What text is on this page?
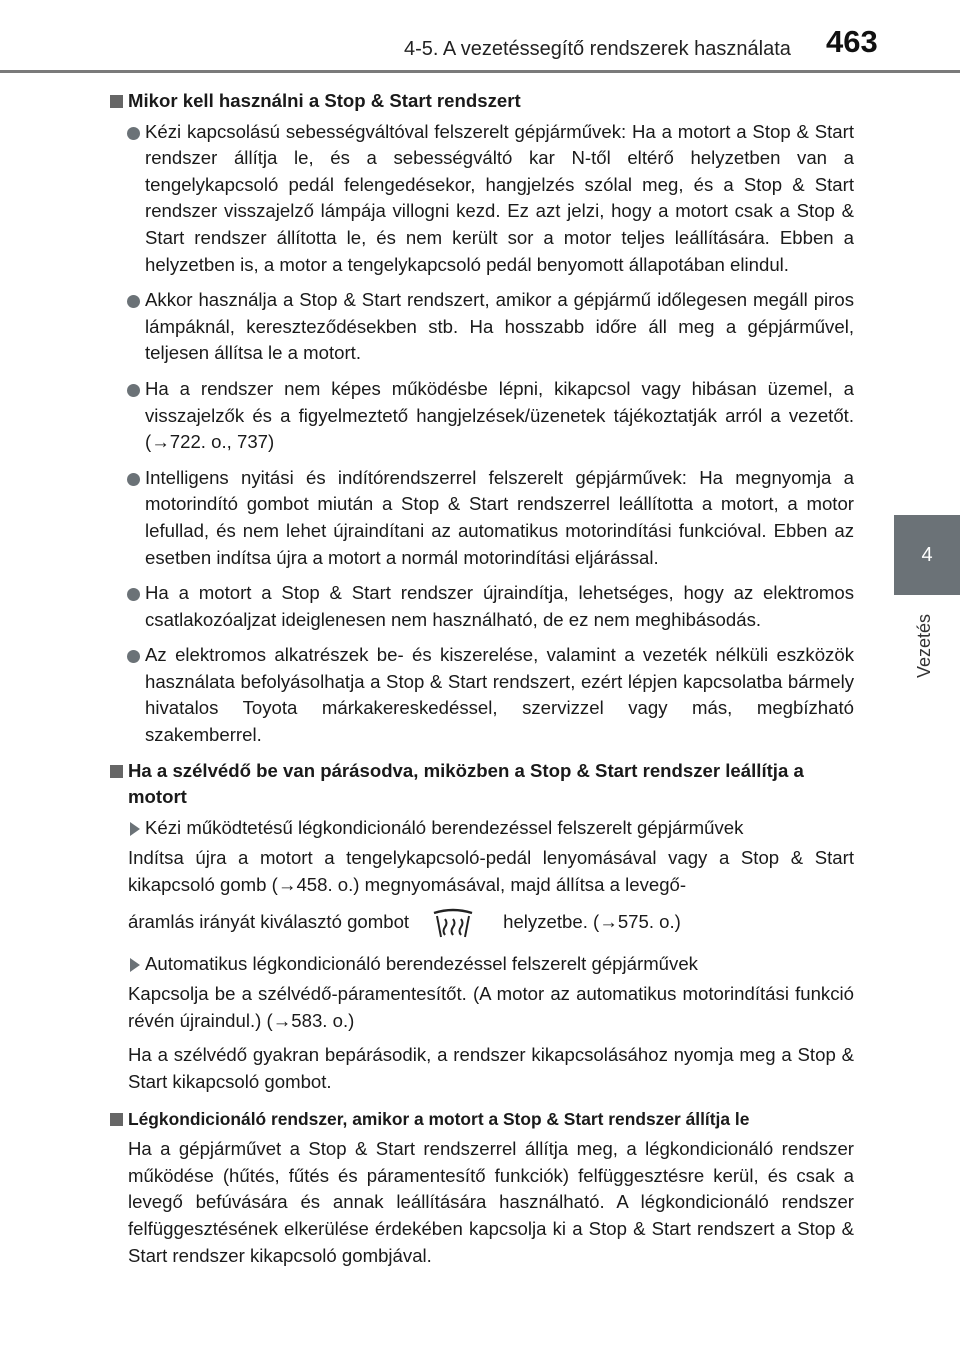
4-5. A vezetéssegítő rendszerek használata 463
4
Vezetés
Mikor kell használni a Stop & Start rendszert
Kézi kapcsolású sebességváltóval felszerelt gépjárművek: Ha a motort a Stop & Start rendszer állítja le, és a sebességváltó kar N-től eltérő helyzetben van a tengelykapcsoló pedál felengedésekor, hangjelzés szólal meg, és a Stop & Start rendszer visszajelző lámpája villogni kezd. Ez azt jelzi, hogy a motort csak a Stop & Start rendszer állította le, és nem került sor a motor teljes leállítására. Ebben a helyzetben is, a motor a tengelykapcsoló pedál benyomott állapotában elindul.
Akkor használja a Stop & Start rendszert, amikor a gépjármű időlegesen megáll piros lámpáknál, kereszteződésekben stb. Ha hosszabb időre áll meg a gépjárművel, teljesen állítsa le a motort.
Ha a rendszer nem képes működésbe lépni, kikapcsol vagy hibásan üzemel, a visszajelzők és a figyelmeztető hangjelzések/üzenetek tájékoztatják arról a vezetőt. (→722. o., 737)
Intelligens nyitási és indítórendszerrel felszerelt gépjárművek: Ha megnyomja a motorindító gombot miután a Stop & Start rendszerrel leállította a motort, a motor lefullad, és nem lehet újraindítani az automatikus motorindítási funkcióval. Ebben az esetben indítsa újra a motort a normál motorindítási eljárással.
Ha a motort a Stop & Start rendszer újraindítja, lehetséges, hogy az elektromos csatlakozóaljzat ideiglenesen nem használható, de ez nem meghibásodás.
Az elektromos alkatrészek be- és kiszerelése, valamint a vezeték nélküli eszközök használata befolyásolhatja a Stop & Start rendszert, ezért lépjen kapcsolatba bármely hivatalos Toyota márkakereskedéssel, szervizzel vagy más, megbízható szakemberrel.
Ha a szélvédő be van párásodva, miközben a Stop & Start rendszer leállítja a motort
Kézi működtetésű légkondicionáló berendezéssel felszerelt gépjárművek
Indítsa újra a motort a tengelykapcsoló-pedál lenyomásával vagy a Stop & Start kikapcsoló gomb (→458. o.) megnyomásával, majd állítsa a levegő-
áramlás irányát kiválasztó gombot	helyzetbe. (→575. o.)
Automatikus légkondicionáló berendezéssel felszerelt gépjárművek
Kapcsolja be a szélvédő-páramentesítőt. (A motor az automatikus motorindítási funkció révén újraindul.) (→583. o.)
Ha a szélvédő gyakran bepárásodik, a rendszer kikapcsolásához nyomja meg a Stop & Start kikapcsoló gombot.
Légkondicionáló rendszer, amikor a motort a Stop & Start rendszer állítja le
Ha a gépjárművet a Stop & Start rendszerrel állítja meg, a légkondicionáló rendszer működése (hűtés, fűtés és páramentesítő funkciók) felfüggesztésre kerül, és csak a levegő befúvására és annak leállítására használható. A légkondicionáló rendszer felfüggesztésének elkerülése érdekében kapcsolja ki a Stop & Start rendszert a Stop & Start rendszer kikapcsoló gombjával.
